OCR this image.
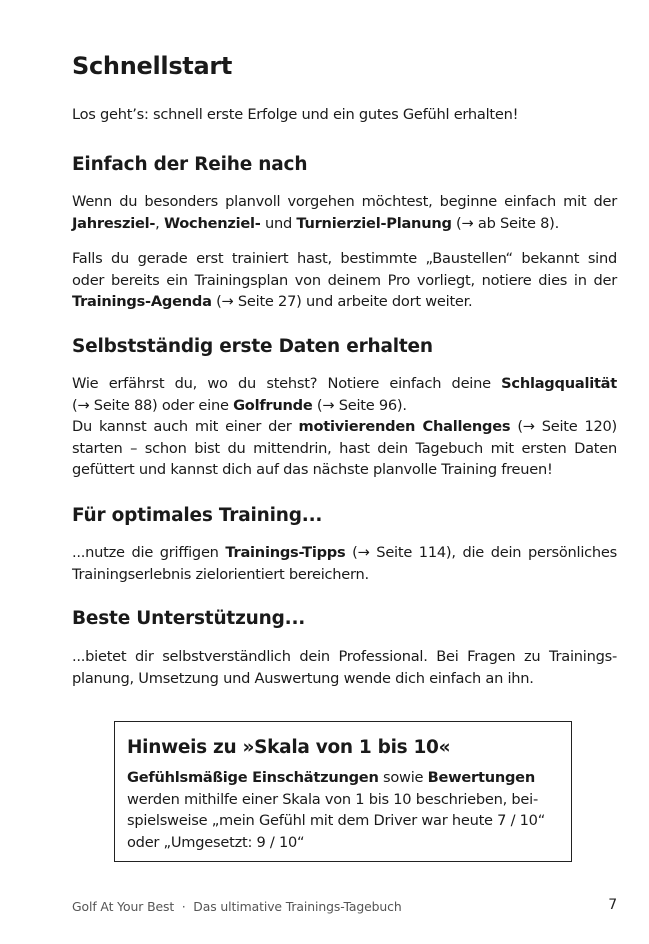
Schnellstart

Los geht’s: schnell erste Erfolge und ein gutes Gefühl erhalten!

Einfach der Reihe nach

Wenn du besonders planvoll vorgehen möchtest, beginne einfach mit der
Jahresziel-, Wochenziel- und Turnierziel-Planung (→ ab Seite 8).

Falls du gerade erst trainiert hast, bestimmte „Baustellen“ bekannt sind
oder bereits ein Trainingsplan von deinem Pro vorliegt, notiere dies in der
Trainings-Agenda (→ Seite 27) und arbeite dort weiter.

Selbstständig erste Daten erhalten

Wie erfährst du, wo du stehst? Notiere einfach deine Schlagqualität
(→ Seite 88) oder eine Golfrunde (→ Seite 96).
Du kannst auch mit einer der motivierenden Challenges (→ Seite 120)
starten – schon bist du mittendrin, hast dein Tagebuch mit ersten Daten
gefüttert und kannst dich auf das nächste planvolle Training freuen!

Für optimales Training...

...nutze die griffigen Trainings-Tipps (→ Seite 114), die dein persönliches
Trainingserlebnis zielorientiert bereichern.

Beste Unterstützung...

...bietet dir selbstverständlich dein Professional. Bei Fragen zu Trainings-
planung, Umsetzung und Auswertung wende dich einfach an ihn.

Hinweis zu »Skala von 1 bis 10«

Gefühlsmäßige Einschätzungen sowie Bewertungen
werden mithilfe einer Skala von 1 bis 10 beschrieben, bei-
spielsweise „mein Gefühl mit dem Driver war heute 7 / 10“
oder „Umgesetzt: 9 / 10“

Golf At Your Best  ·  Das ultimative Trainings-Tagebuch	7
